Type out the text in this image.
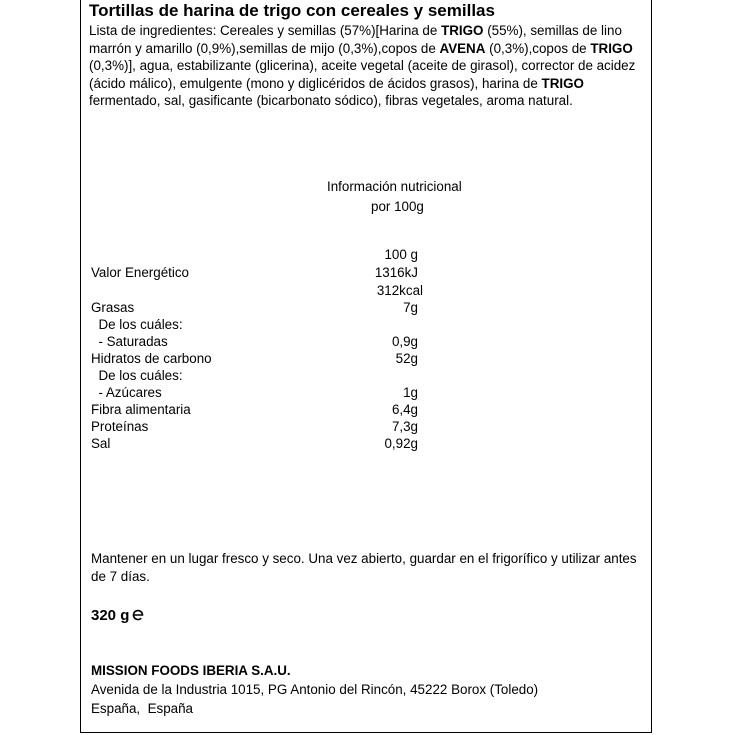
Tortillas de harina de trigo con cereales y semillas
Lista de ingredientes: Cereales y semillas (57%)[Harina de TRIGO (55%), semillas de lino marrón y amarillo (0,9%),semillas de mijo (0,3%),copos de AVENA (0,3%),copos de TRIGO (0,3%)], agua, estabilizante (glicerina), aceite vegetal (aceite de girasol), corrector de acidez (ácido málico), emulgente (mono y diglicéridos de ácidos grasos), harina de TRIGO fermentado, sal, gasificante (bicarbonato sódico), fibras vegetales, aroma natural.
Información nutricional
por 100g
100 g
Valor Energético	1316kJ
312kcal
Grasas	7g
De los cuáles:
- Saturadas	0,9g
Hidratos de carbono	52g
De los cuáles:
- Azúcares	1g
Fibra alimentaria	6,4g
Proteínas	7,3g
Sal	0,92g
Mantener en un lugar fresco y seco. Una vez abierto, guardar en el frigorífico y utilizar antes de 7 días.
320 g
MISSION FOODS IBERIA S.A.U.
Avenida de la Industria 1015, PG Antonio del Rincón, 45222 Borox (Toledo)
España,  España
